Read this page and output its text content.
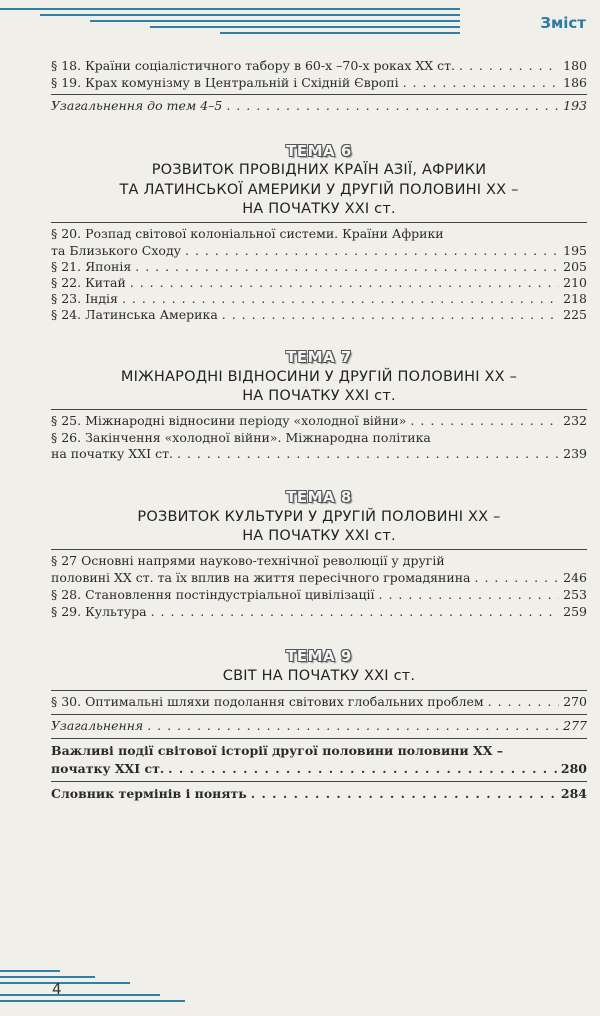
Зміст
§ 18. Країни соціалістичного табору в 60-х –70-х роках XX ст. . . .	180
§ 19. Крах комунізму в Центральній і Східній Європі . . .	186
Узагальнення до тем 4–5 . . .	193
ТЕМА 6
РОЗВИТОК ПРОВІДНИХ КРАЇН АЗІЇ, АФРИКИ
ТА ЛАТИНСЬКОЇ АМЕРИКИ У ДРУГІЙ ПОЛОВИНІ XX –
НА ПОЧАТКУ XXI ст.
§ 20. Розпад світової колоніальної системи. Країни Африки
та Близького Сходу . . .	195
§ 21. Японія . . .	205
§ 22. Китай . . .	210
§ 23. Індія . . .	218
§ 24. Латинська Америка . . .	225
ТЕМА 7
МІЖНАРОДНІ ВІДНОСИНИ У ДРУГІЙ ПОЛОВИНІ XX –
НА ПОЧАТКУ XXI ст.
§ 25. Міжнародні відносини періоду «холодної війни» . . .	232
§ 26. Закінчення «холодної війни». Міжнародна політика
на початку XXI ст. . . .	239
ТЕМА 8
РОЗВИТОК КУЛЬТУРИ У ДРУГІЙ ПОЛОВИНІ XX –
НА ПОЧАТКУ XXI ст.
§ 27 Основні напрями науково-технічної революції у другій
половині XX ст. та їх вплив на життя пересічного громадянина . . .	246
§ 28. Становлення постіндустріальної цивілізації . . .	253
§ 29. Культура . . .	259
ТЕМА 9
СВІТ НА ПОЧАТКУ XXI ст.
§ 30. Оптимальні шляхи подолання світових глобальних проблем . . .	270
Узагальнення . . .	277
Важливі події світової історії другої половини половини XX –
початку XXI ст. . . .	280
Словник термінів і понять . . .	284
4
